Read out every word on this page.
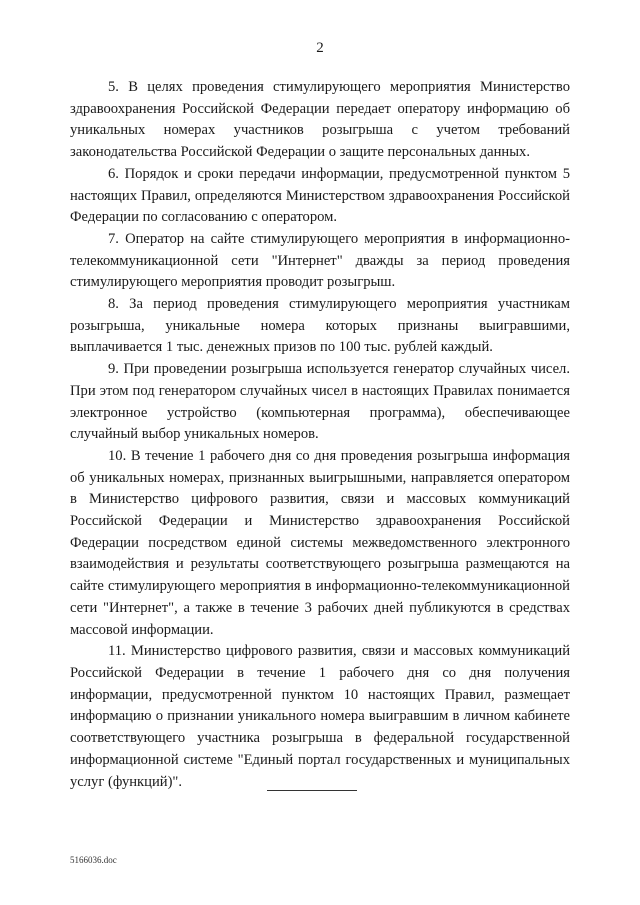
2

5. В целях проведения стимулирующего мероприятия Министерство здравоохранения Российской Федерации передает оператору информацию об уникальных номерах участников розыгрыша с учетом требований законодательства Российской Федерации о защите персональных данных.

6. Порядок и сроки передачи информации, предусмотренной пунктом 5 настоящих Правил, определяются Министерством здравоохранения Российской Федерации по согласованию с оператором.

7. Оператор на сайте стимулирующего мероприятия в информационно-телекоммуникационной сети "Интернет" дважды за период проведения стимулирующего мероприятия проводит розыгрыш.

8. За период проведения стимулирующего мероприятия участникам розыгрыша, уникальные номера которых признаны выигравшими, выплачивается 1 тыс. денежных призов по 100 тыс. рублей каждый.

9. При проведении розыгрыша используется генератор случайных чисел. При этом под генератором случайных чисел в настоящих Правилах понимается электронное устройство (компьютерная программа), обеспечивающее случайный выбор уникальных номеров.

10. В течение 1 рабочего дня со дня проведения розыгрыша информация об уникальных номерах, признанных выигрышными, направляется оператором в Министерство цифрового развития, связи и массовых коммуникаций Российской Федерации и Министерство здравоохранения Российской Федерации посредством единой системы межведомственного электронного взаимодействия и результаты соответствующего розыгрыша размещаются на сайте стимулирующего мероприятия в информационно-телекоммуникационной сети "Интернет", а также в течение 3 рабочих дней публикуются в средствах массовой информации.

11. Министерство цифрового развития, связи и массовых коммуникаций Российской Федерации в течение 1 рабочего дня со дня получения информации, предусмотренной пунктом 10 настоящих Правил, размещает информацию о признании уникального номера выигравшим в личном кабинете соответствующего участника розыгрыша в федеральной государственной информационной системе "Единый портал государственных и муниципальных услуг (функций)".

5166036.doc
